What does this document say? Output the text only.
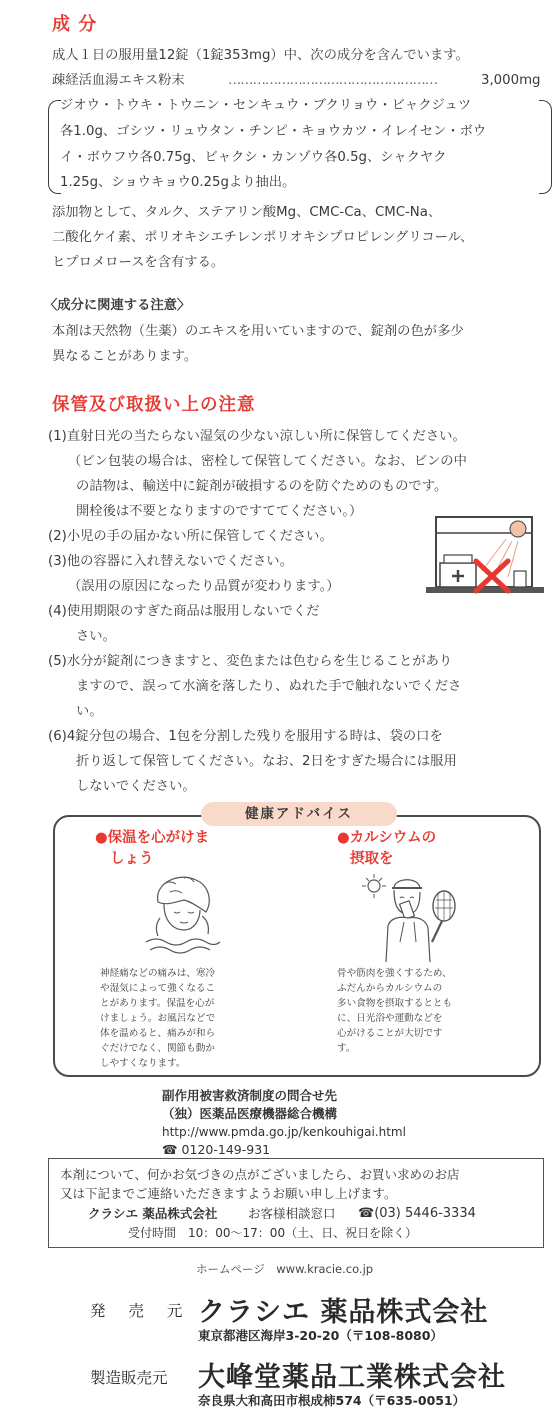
成 分
成人１日の服用量12錠（1錠353mg）中、次の成分を含んでいます。
疎経活血湯エキス粉末	……………………………………………	3,000mg
ジオウ・トウキ・トウニン・センキュウ・ブクリョウ・ビャクジュツ
各1.0g、ゴシツ・リュウタン・チンピ・キョウカツ・イレイセン・ボウ
イ・ボウフウ各0.75g、ビャクシ・カンゾウ各0.5g、シャクヤク
1.25g、ショウキョウ0.25gより抽出。
添加物として、タルク、ステアリン酸Mg、CMC-Ca、CMC-Na、
二酸化ケイ素、ポリオキシエチレンポリオキシプロピレングリコール、
ヒプロメロースを含有する。
〈成分に関連する注意〉
本剤は天然物（生薬）のエキスを用いていますので、錠剤の色が多少
異なることがあります。
保管及び取扱い上の注意
(1)直射日光の当たらない湿気の少ない涼しい所に保管してください。
（ビン包装の場合は、密栓して保管してください。なお、ビンの中
の詰物は、輸送中に錠剤が破損するのを防ぐためのものです。
開栓後は不要となりますのですててください。）
(2)小児の手の届かない所に保管してください。
(3)他の容器に入れ替えないでください。
（誤用の原因になったり品質が変わります。）
(4)使用期限のすぎた商品は服用しないでくだ
さい。
(5)水分が錠剤につきますと、変色または色むらを生じることがあり
ますので、誤って水滴を落したり、ぬれた手で触れないでくださ
い。
(6)4錠分包の場合、1包を分割した残りを服用する時は、袋の口を
折り返して保管してください。なお、2日をすぎた場合には服用
しないでください。
健康アドバイス
●保温を心がけま
しょう
神経痛などの痛みは、寒冷
や湿気によって強くなるこ
とがあります。保温を心が
けましょう。お風呂などで
体を温めると、痛みが和ら
ぐだけでなく、関節も動か
しやすくなります。
●カルシウムの
摂取を
骨や筋肉を強くするため、
ふだんからカルシウムの
多い食物を摂取するととも
に、日光浴や運動などを
心がけることが大切です
す。
副作用被害救済制度の問合せ先
（独）医薬品医療機器総合機構
http://www.pmda.go.jp/kenkouhigai.html
☎ 0120-149-931
本剤について、何かお気づきの点がございましたら、お買い求めのお店
又は下記までご連絡いただきますようお願い申し上げます。
クラシエ 薬品株式会社 お客様相談窓口 ☎(03) 5446-3334
受付時間　10：00〜17：00（土、日、祝日を除く）
ホームページ　www.kracie.co.jp
発 売 元 クラシエ 薬品株式会社
東京都港区海岸3-20-20（〒108-8080）
製造販売元 大峰堂薬品工業株式会社
奈良県大和高田市根成柿574（〒635-0051）
